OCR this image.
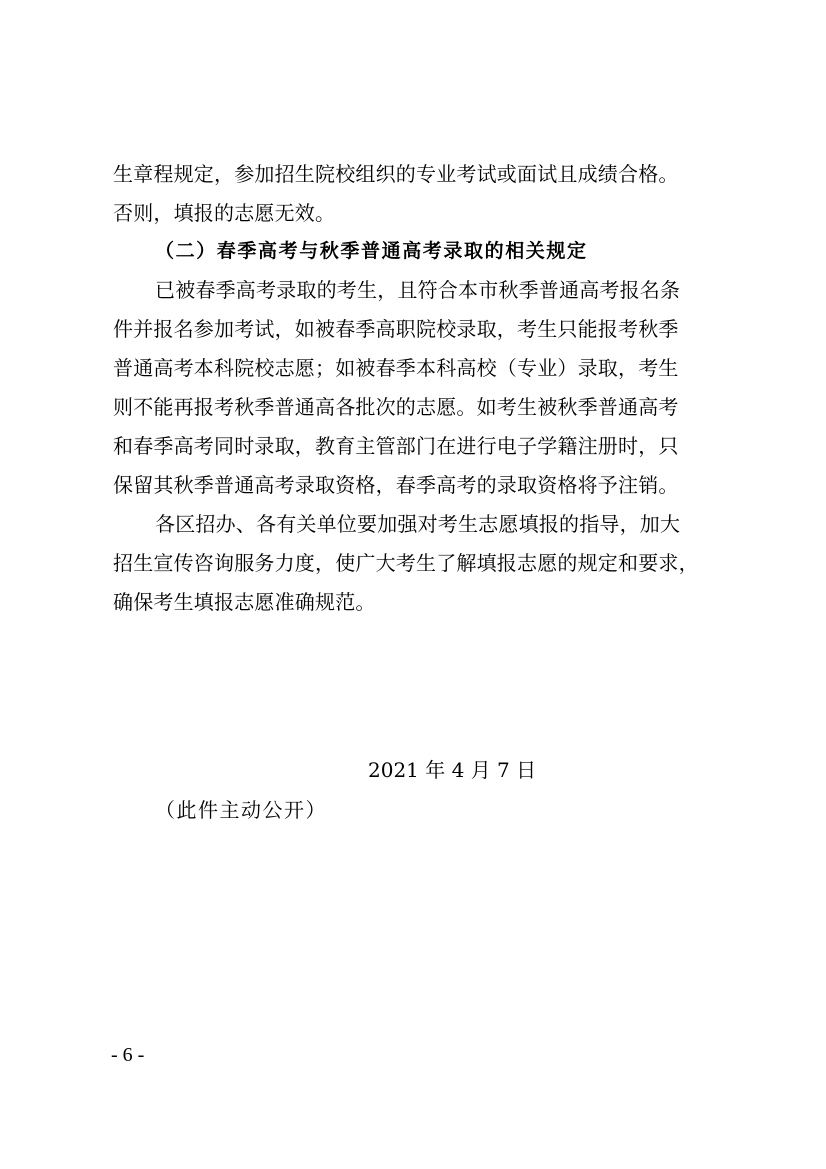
生章程规定，参加招生院校组织的专业考试或面试且成绩合格。
否则，填报的志愿无效。
（二）春季高考与秋季普通高考录取的相关规定
已被春季高考录取的考生，且符合本市秋季普通高考报名条
件并报名参加考试，如被春季高职院校录取，考生只能报考秋季
普通高考本科院校志愿；如被春季本科高校（专业）录取，考生
则不能再报考秋季普通高各批次的志愿。如考生被秋季普通高考
和春季高考同时录取，教育主管部门在进行电子学籍注册时，只
保留其秋季普通高考录取资格，春季高考的录取资格将予注销。
各区招办、各有关单位要加强对考生志愿填报的指导，加大
招生宣传咨询服务力度，使广大考生了解填报志愿的规定和要求，
确保考生填报志愿准确规范。
2021 年 4 月 7 日
（此件主动公开）
- 6 -
